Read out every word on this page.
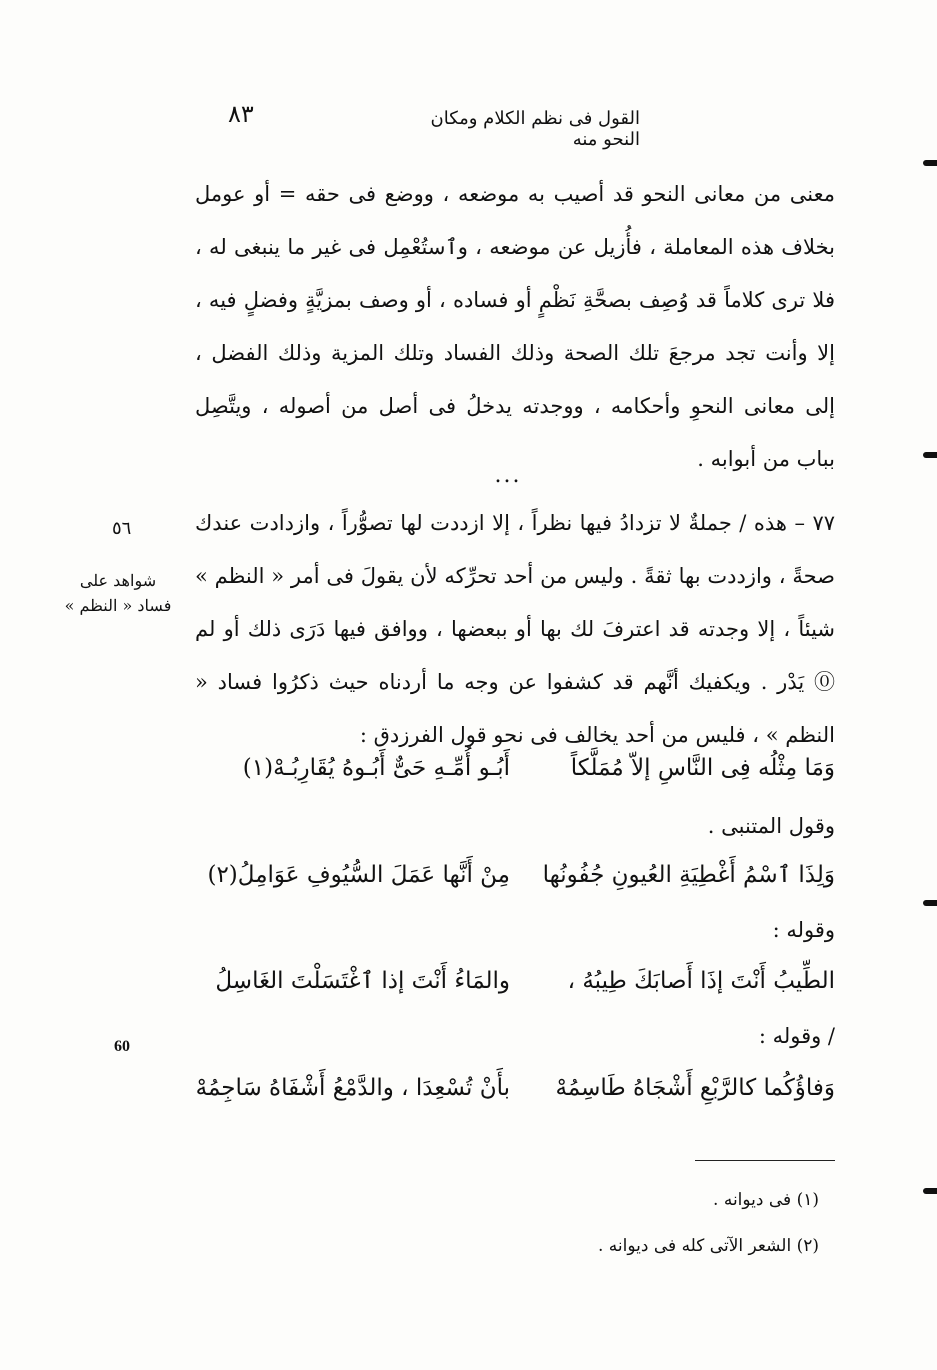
القول فى نظم الكلام ومكان النحو منه
٨٣
معنى من معانى النحو قد أصيب به موضعه ، ووضع فى حقه = أو عومل بخلاف هذه المعاملة ، فأُزيل عن موضعه ، وٱستُعْمِل فى غير ما ينبغى له ، فلا ترى كلاماً قد وُصِف بصحَّةِ نَظْمٍ أو فساده ، أو وصف بمزيَّةٍ وفضلٍ فيه ، إلا وأنت تجد مرجعَ تلك الصحة وذلك الفساد وتلك المزية وذلك الفضل ، إلى معانى النحوِ وأحكامه ، ووجدته يدخلُ فى أصل من أصوله ، ويتَّصِل بباب من أبوابه .
...
٧٧ – هذه / جملةٌ لا تزدادُ فيها نظراً ، إلا ازددت لها تصوُّراً ، وازدادت عندك صحةً ، وازددت بها ثقةً . وليس من أحد تحرِّكه لأن يقولَ فى أمر « النظم » شيئاً ، إلا وجدته قد اعترفَ لك بها أو ببعضها ، ووافق فيها دَرَى ذلك أو لم ⓪ يَدْر . ويكفيك أنَّهم قد كشفوا عن وجه ما أردناه حيث ذكرُوا فساد « النظم » ، فليس من أحد يخالف فى نحو قول الفرزدق :
٥٦
شواهد على
فساد « النظم »
60
وَمَا مِثْلُه فِى النَّاسِ إلاّ مُمَلَّكاً
أَبُـو أُمِّـهِ حَىٌّ أَبُـوهُ يُقَارِبُـهْ(١)
وقول المتنبى .
وَلِذَا ٱسْمُ أَغْطِيَةِ العُيونِ جُفُونُها
مِنْ أَنَّها عَمَلَ السُّيُوفِ عَوَامِلُ(٢)
وقوله :
الطِّيبُ أَنْتَ إذَا أَصابَكَ طِيبُهُ ،
والمَاءُ أَنْتَ إذا ٱغْتَسَلْتَ الغَاسِلُ
/ وقوله :
وَفاؤُكُما كالرَّبْعِ أَشْجَاهُ طَاسِمُهْ
بأَنْ تُسْعِدَا ، والدَّمْعُ أَشْفَاهُ سَاجِمُهْ
(١) فى ديوانه .
(٢) الشعر الآتى كله فى ديوانه .
